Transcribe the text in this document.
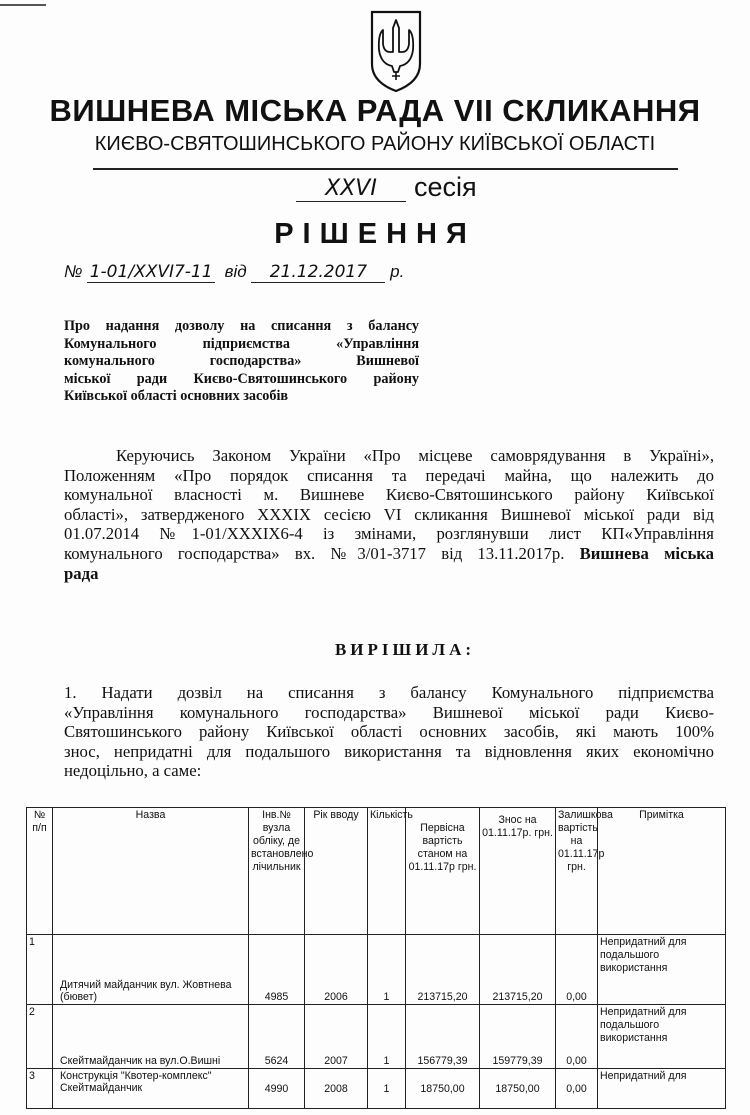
ВИШНЕВА МІСЬКА РАДА VII СКЛИКАННЯ
КИЄВО-СВЯТОШИНСЬКОГО РАЙОНУ КИЇВСЬКОЇ ОБЛАСТІ
XXVI	сесія
РІШЕННЯ
№ 1-01/XXVI7-11 від 21.12.2017 р.
Про надання дозволу на списання з балансу
Комунального підприємства «Управління
комунального господарства» Вишневої
міської ради Києво-Святошинського району
Київської області основних засобів
Керуючись Законом України «Про місцеве самоврядування в Україні»,
Положенням «Про порядок списання та передачі майна, що належить до
комунальної власності м. Вишневе Києво-Святошинського району Київської
області», затвердженого XXXIX сесією VI скликання Вишневої міської ради від
01.07.2014 №1-01/XXXIX6-4 із змінами, розглянувши лист КП«Управління
комунального господарства» вх. №3/01-3717 від 13.11.2017р. Вишнева міська
рада
ВИРІШИЛА:
1. Надати дозвіл на списання з балансу Комунального підприємства
«Управління комунального господарства» Вишневої міської ради Києво-
Святошинського району Київської області основних засобів, які мають 100%
знос, непридатні для подальшого використання та відновлення яких економічно
недоцільно, а саме:
№ п/п	Назва	Інв.№ вузла обліку, де встановлено лічильник	Рік вводу	Кількість	Первісна вартість станом на 01.11.17р грн.	Знос на 01.11.17р. грн.	Залишкова вартість на 01.11.17р грн.	Примітка
1	Дитячий майданчик вул. Жовтнева (бювет)	4985	2006	1	213715,20	213715,20	0,00	Непридатний для подальшого використання
2	Скейтмайданчик на вул.О.Вишні	5624	2007	1	156779,39	159779,39	0,00	Непридатний для подальшого використання
3	Конструкція "Квотер-комплекс" Скейтмайданчик	4990	2008	1	18750,00	18750,00	0,00	Непридатний для
